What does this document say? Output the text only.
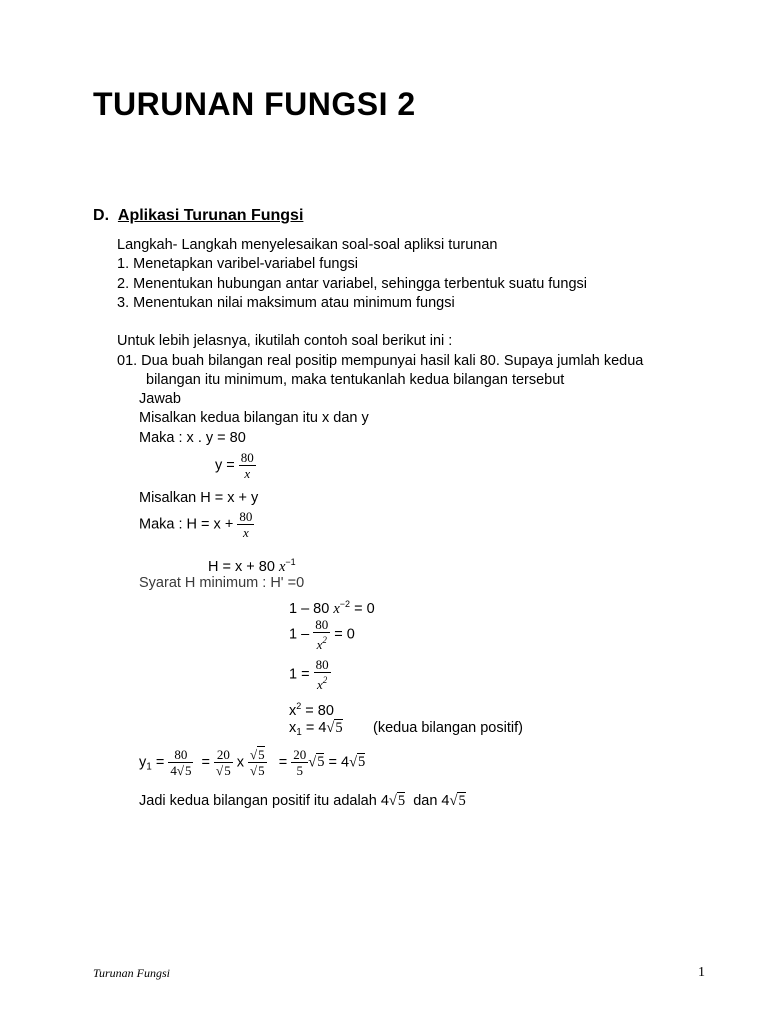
TURUNAN FUNGSI 2
D.  Aplikasi Turunan Fungsi
Langkah- Langkah menyelesaikan soal-soal apliksi turunan
1. Menetapkan varibel-variabel fungsi
2. Menentukan hubungan antar variabel, sehingga terbentuk suatu fungsi
3. Menentukan nilai maksimum atau minimum fungsi
Untuk lebih jelasnya, ikutilah contoh soal berikut ini :
01. Dua buah bilangan real positip mempunyai hasil kali 80. Supaya jumlah kedua
bilangan itu minimum, maka tentukanlah kedua bilangan tersebut
Jawab
Misalkan kedua bilangan itu x dan y
Maka : x . y = 80
$y = \frac{80}{x}$
Misalkan H = x + y
Maka : $H = x + \frac{80}{x}$
H = x + 80 $x^{-1}$
Syarat H minimum : H' =0
1 – 80 $x^{-2} = 0$
$1 - \frac{80}{x^2} = 0$
$1 = \frac{80}{x^2}$
$x^2 = 80$
$x_1 = 4√5$ (kedua bilangan positif)
$y_1 = \frac{80}{4√5} = \frac{20}{√5}$ x $\frac{√5}{√5} = \frac{20}{5} √5 = 4√5$
Jadi kedua bilangan positif itu adalah 4√5 dan 4√5
Turunan Fungsi	1
